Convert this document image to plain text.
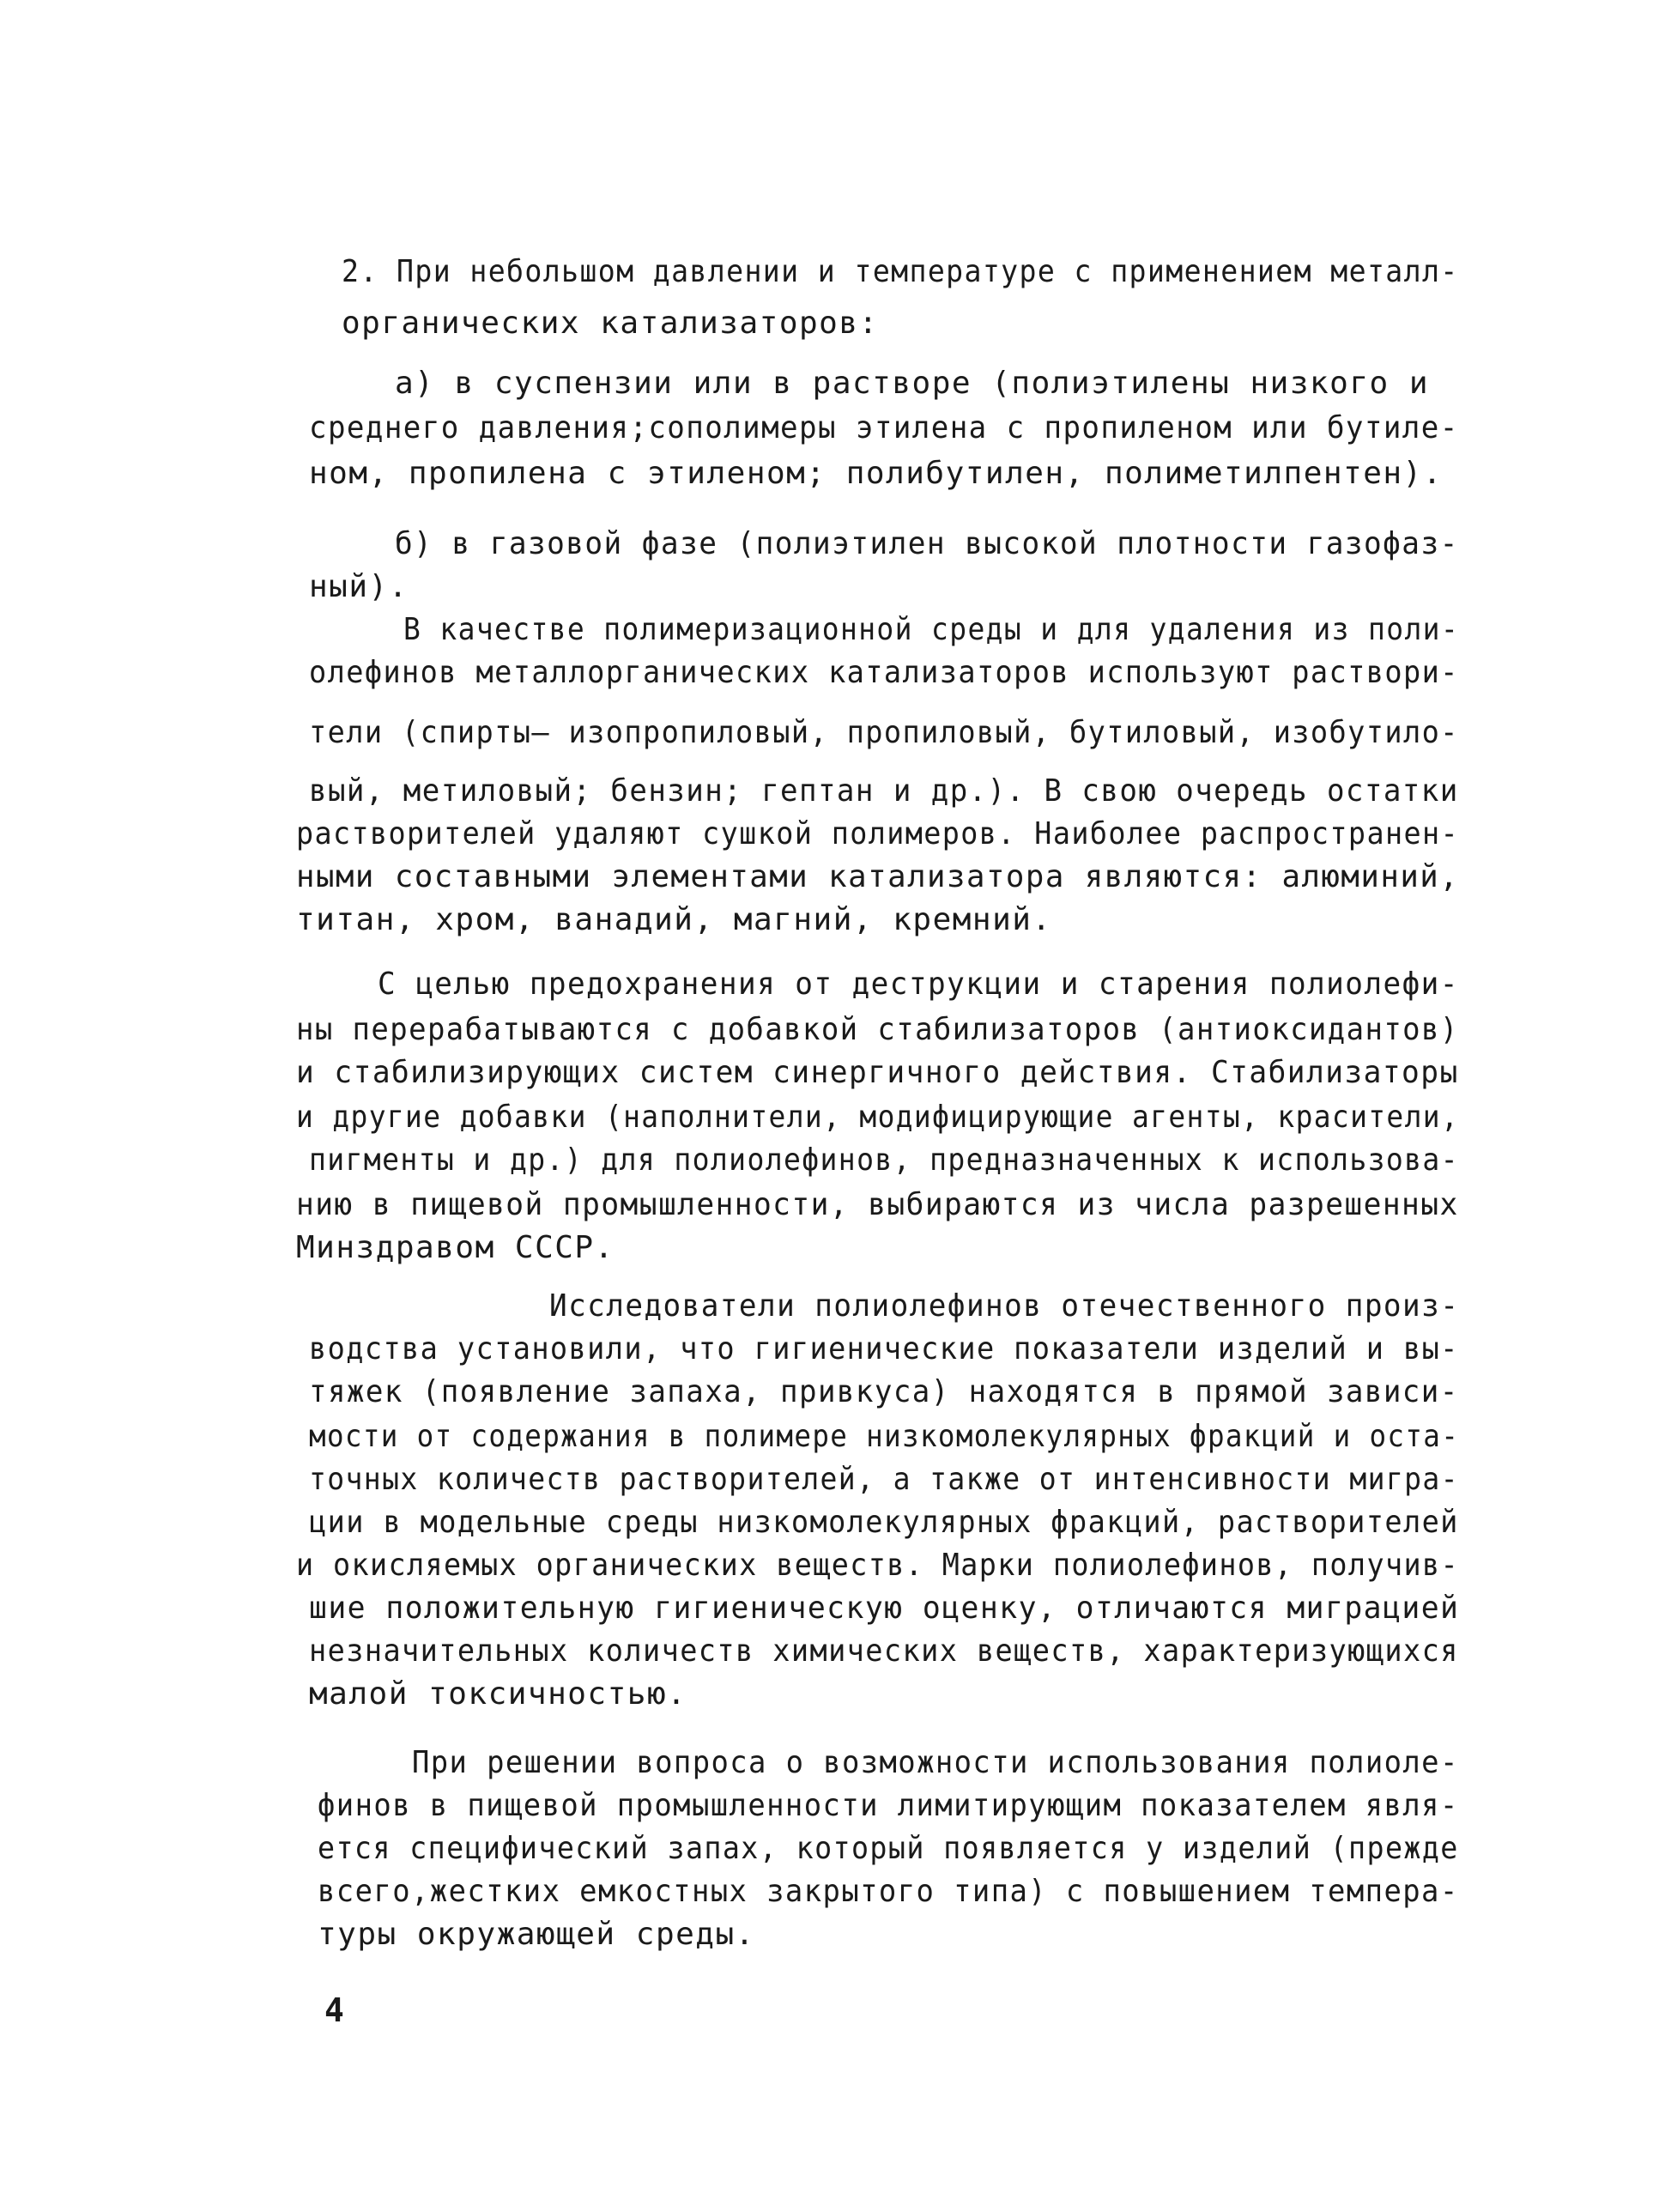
2. При небольшом давлении и температуре с применением металл-
органических катализаторов:
а) в суспензии или в растворе (полиэтилены низкого и
среднего давления;сополимеры этилена с пропиленом или бутиле-
ном, пропилена с этиленом; полибутилен, полиметилпентен).
б) в газовой фазе (полиэтилен высокой плотности газофаз-
ный).
В качестве полимеризационной среды и для удаления из поли-
олефинов металлорганических катализаторов используют раствори-
тели (спирты– изопропиловый, пропиловый, бутиловый, изобутило-
вый, метиловый; бензин; гептан и др.). В свою очередь остатки
растворителей удаляют сушкой полимеров. Наиболее распространен-
ными составными элементами катализатора являются: алюминий,
титан, хром, ванадий, магний, кремний.
С целью предохранения от деструкции и старения полиолефи-
ны перерабатываются с добавкой стабилизаторов (антиоксидантов)
и стабилизирующих систем синергичного действия. Стабилизаторы
и другие добавки (наполнители, модифицирующие агенты, красители,
пигменты и др.) для полиолефинов, предназначенных к использова-
нию в пищевой промышленности, выбираются из числа разрешенных
Минздравом СССР.
Исследователи полиолефинов отечественного произ-
водства установили, что гигиенические показатели изделий и вы-
тяжек (появление запаха, привкуса) находятся в прямой зависи-
мости от содержания в полимере низкомолекулярных фракций и оста-
точных количеств растворителей, а также от интенсивности мигра-
ции в модельные среды низкомолекулярных фракций, растворителей
и окисляемых органических веществ. Марки полиолефинов, получив-
шие положительную гигиеническую оценку, отличаются миграцией
незначительных количеств химических веществ, характеризующихся
малой токсичностью.
При решении вопроса о возможности использования полиоле-
финов в пищевой промышленности лимитирующим показателем явля-
ется специфический запах, который появляется у изделий (прежде
всего,жестких емкостных закрытого типа) с повышением темпера-
туры окружающей среды.
4
